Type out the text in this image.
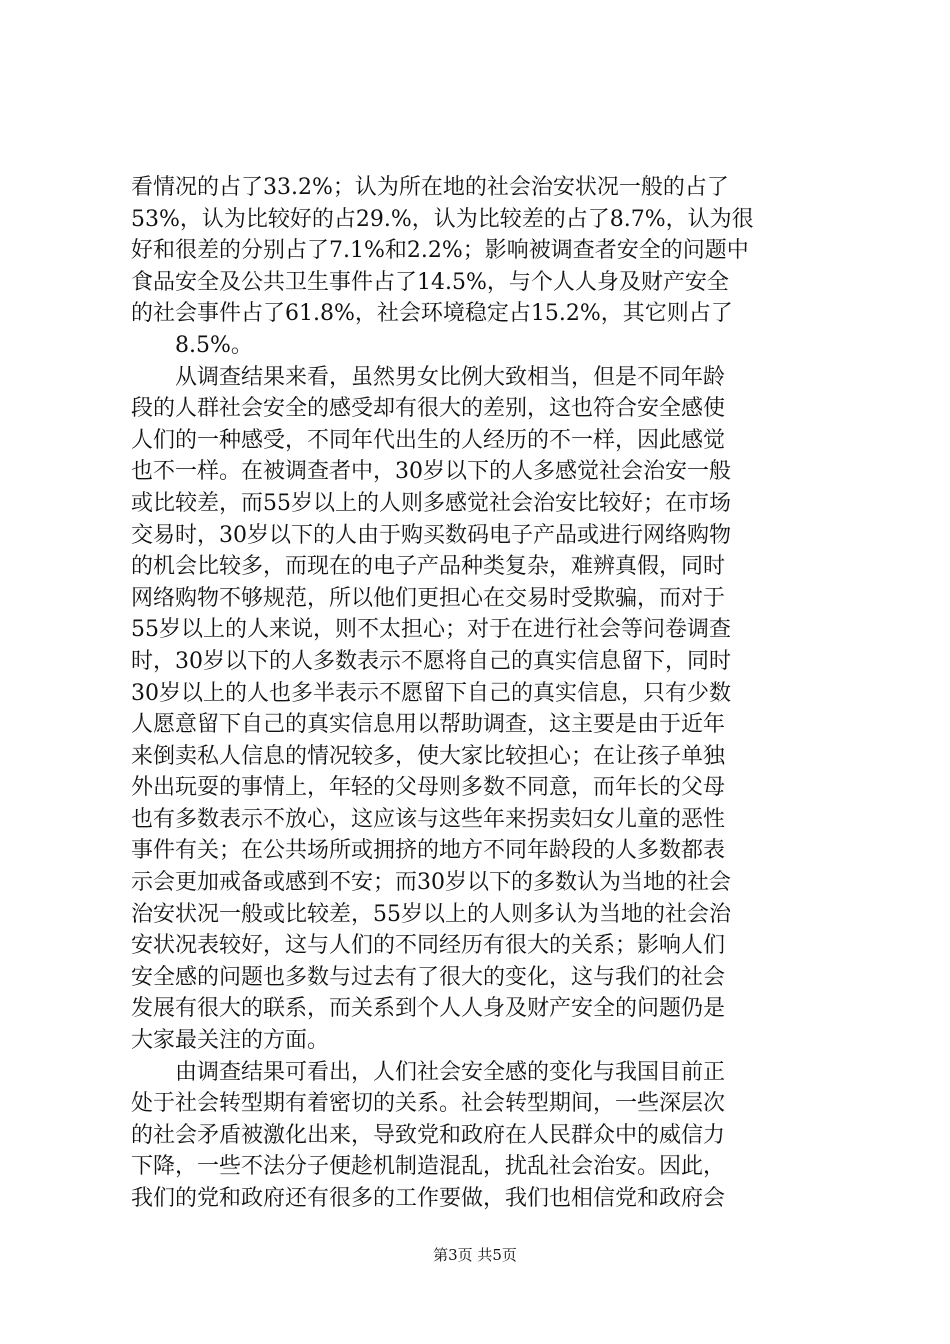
看情况的占了33.2%；认为所在地的社会治安状况一般的占了
53%，认为比较好的占29.%，认为比较差的占了8.7%，认为很
好和很差的分别占了7.1%和2.2%；影响被调查者安全的问题中
食品安全及公共卫生事件占了14.5%，与个人人身及财产安全
的社会事件占了61.8%，社会环境稳定占15.2%，其它则占了
8.5%。
从调查结果来看，虽然男女比例大致相当，但是不同年龄
段的人群社会安全的感受却有很大的差别，这也符合安全感使
人们的一种感受，不同年代出生的人经历的不一样，因此感觉
也不一样。在被调查者中，30岁以下的人多感觉社会治安一般
或比较差，而55岁以上的人则多感觉社会治安比较好；在市场
交易时，30岁以下的人由于购买数码电子产品或进行网络购物
的机会比较多，而现在的电子产品种类复杂，难辨真假，同时
网络购物不够规范，所以他们更担心在交易时受欺骗，而对于
55岁以上的人来说，则不太担心；对于在进行社会等问卷调查
时，30岁以下的人多数表示不愿将自己的真实信息留下，同时
30岁以上的人也多半表示不愿留下自己的真实信息，只有少数
人愿意留下自己的真实信息用以帮助调查，这主要是由于近年
来倒卖私人信息的情况较多，使大家比较担心；在让孩子单独
外出玩耍的事情上，年轻的父母则多数不同意，而年长的父母
也有多数表示不放心，这应该与这些年来拐卖妇女儿童的恶性
事件有关；在公共场所或拥挤的地方不同年龄段的人多数都表
示会更加戒备或感到不安；而30岁以下的多数认为当地的社会
治安状况一般或比较差，55岁以上的人则多认为当地的社会治
安状况表较好，这与人们的不同经历有很大的关系；影响人们
安全感的问题也多数与过去有了很大的变化，这与我们的社会
发展有很大的联系，而关系到个人人身及财产安全的问题仍是
大家最关注的方面。
由调查结果可看出，人们社会安全感的变化与我国目前正
处于社会转型期有着密切的关系。社会转型期间，一些深层次
的社会矛盾被激化出来，导致党和政府在人民群众中的威信力
下降，一些不法分子便趁机制造混乱，扰乱社会治安。因此，
我们的党和政府还有很多的工作要做，我们也相信党和政府会
第3页 共5页
